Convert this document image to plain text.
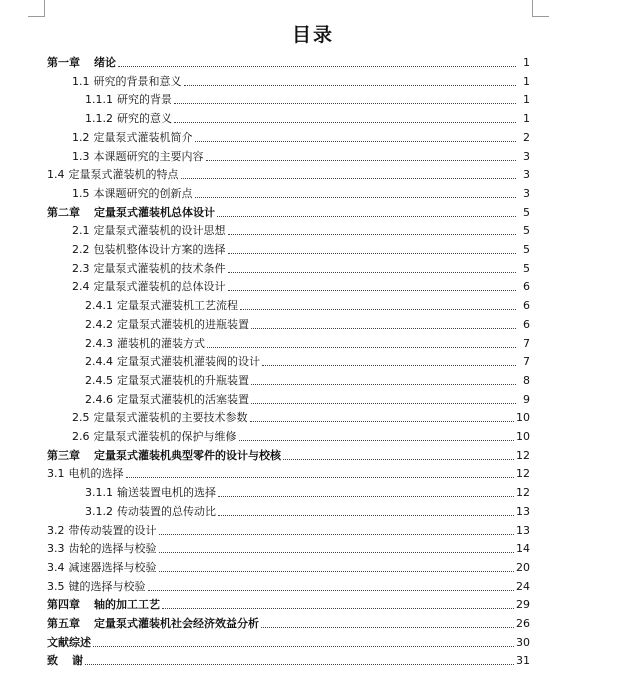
目录
第一章 绪论	1
1.1 研究的背景和意义	1
1.1.1 研究的背景	1
1.1.2 研究的意义	1
1.2 定量泵式灌装机简介	2
1.3 本课题研究的主要内容	3
1.4 定量泵式灌装机的特点	3
1.5 本课题研究的创新点	3
第二章 定量泵式灌装机总体设计	5
2.1 定量泵式灌装机的设计思想	5
2.2 包装机整体设计方案的选择	5
2.3 定量泵式灌装机的技术条件	5
2.4 定量泵式灌装机的总体设计	6
2.4.1 定量泵式灌装机工艺流程	6
2.4.2 定量泵式灌装机的进瓶装置	6
2.4.3 灌装机的灌装方式	7
2.4.4 定量泵式灌装机灌装阀的设计	7
2.4.5 定量泵式灌装机的升瓶装置	8
2.4.6 定量泵式灌装机的活塞装置	9
2.5 定量泵式灌装机的主要技术参数	10
2.6 定量泵式灌装机的保护与维修	10
第三章 定量泵式灌装机典型零件的设计与校核	12
3.1 电机的选择	12
3.1.1 输送装置电机的选择	12
3.1.2 传动装置的总传动比	13
3.2 带传动装置的设计	13
3.3 齿轮的选择与校验	14
3.4 减速器选择与校验	20
3.5 键的选择与校验	24
第四章 轴的加工工艺	29
第五章 定量泵式灌装机社会经济效益分析	26
文献综述	30
致 谢	31
